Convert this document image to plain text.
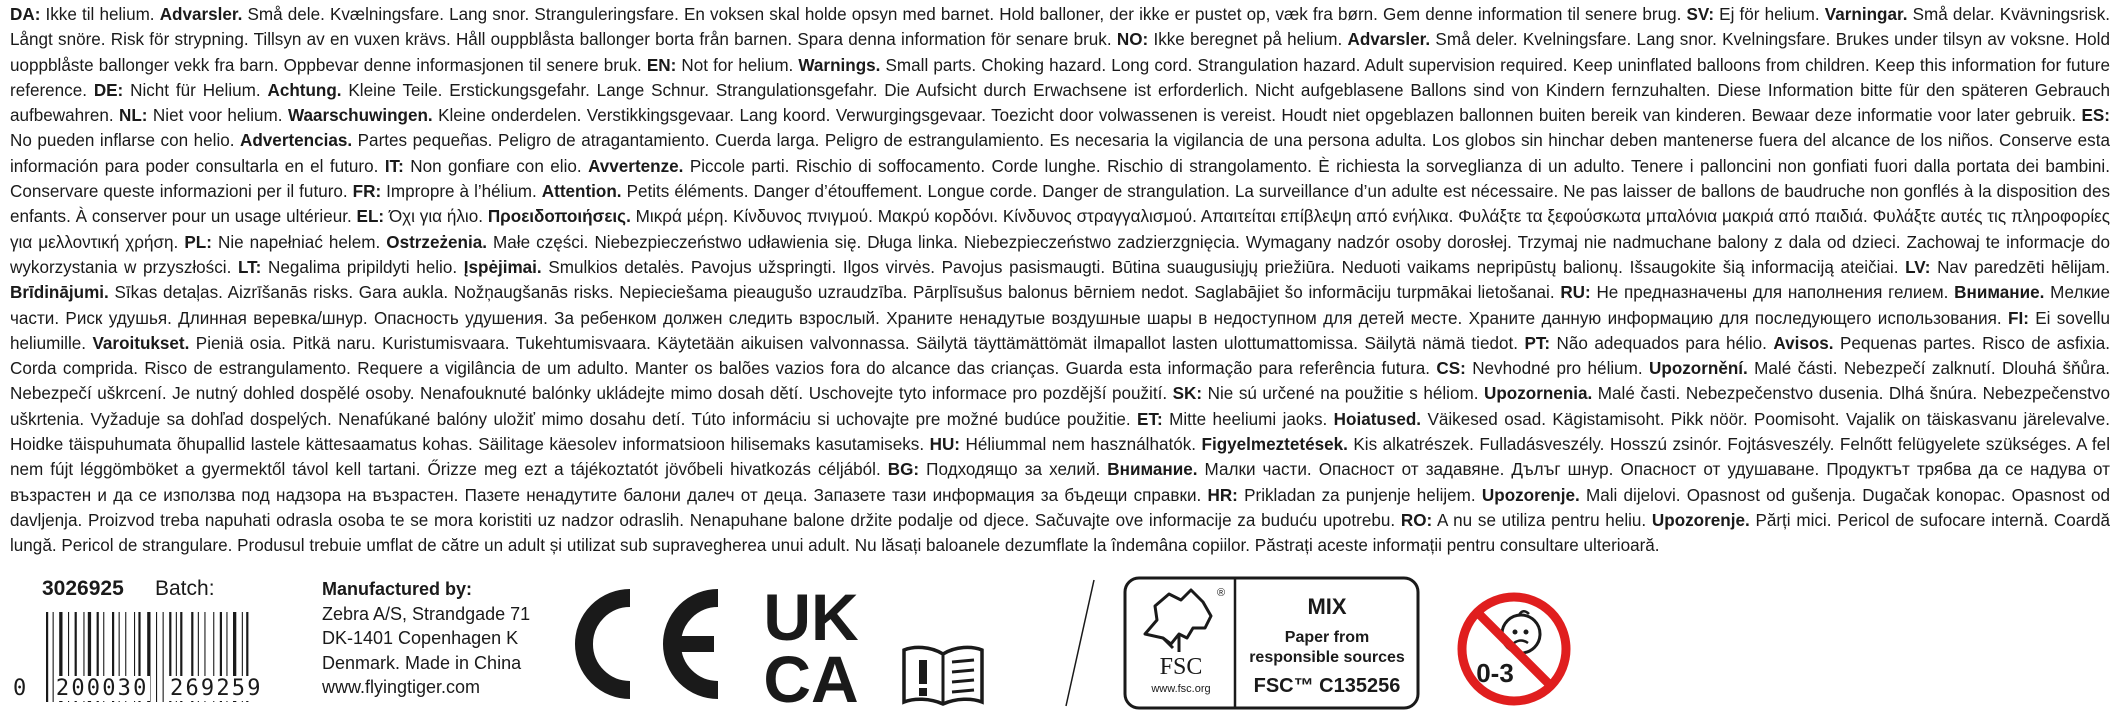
DA: Ikke til helium. Advarsler. Små dele. Kvælningsfare. Lang snor. Stranguleringsfare. En voksen skal holde opsyn med barnet. Hold balloner, der ikke er pustet op, væk fra børn. Gem denne information til senere brug. SV: Ej för helium. Varningar. Små delar. Kvävningsrisk. Långt snöre. Risk för strypning. Tillsyn av en vuxen krävs. Håll ouppblåsta ballonger borta från barnen. Spara denna information för senare bruk. NO: Ikke beregnet på helium. Advarsler. Små deler. Kvelningsfare. Lang snor. Kvelningsfare. Brukes under tilsyn av voksne. Hold uoppblåste ballonger vekk fra barn. Oppbevar denne informasjonen til senere bruk. EN: Not for helium. Warnings. Small parts. Choking hazard. Long cord. Strangulation hazard. Adult supervision required. Keep uninflated balloons from children. Keep this information for future reference. DE: Nicht für Helium. Achtung. Kleine Teile. Erstickungsgefahr. Lange Schnur. Strangulationsgefahr. Die Aufsicht durch Erwachsene ist erforderlich. Nicht aufgeblasene Ballons sind von Kindern fernzuhalten. Diese Information bitte für den späteren Gebrauch aufbewahren. NL: Niet voor helium. Waarschuwingen. Kleine onderdelen. Verstikkingsgevaar. Lang koord. Verwurgingsgevaar. Toezicht door volwassenen is vereist. Houdt niet opgeblazen ballonnen buiten bereik van kinderen. Bewaar deze informatie voor later gebruik. ES: No pueden inflarse con helio. Advertencias. Partes pequeñas. Peligro de atragantamiento. Cuerda larga. Peligro de estrangulamiento. Es necesaria la vigilancia de una persona adulta. Los globos sin hinchar deben mantenerse fuera del alcance de los niños. Conserve esta información para poder consultarla en el futuro. IT: Non gonfiare con elio. Avvertenze. Piccole parti. Rischio di soffocamento. Corde lunghe. Rischio di strangolamento. È richiesta la sorveglianza di un adulto. Tenere i palloncini non gonfiati fuori dalla portata dei bambini. Conservare queste informazioni per il futuro. FR: Impropre à l’hélium. Attention. Petits éléments. Danger d’étouffement. Longue corde. Danger de strangulation. La surveillance d’un adulte est nécessaire. Ne pas laisser de ballons de baudruche non gonflés à la disposition des enfants. À conserver pour un usage ultérieur. EL: Όχι για ήλιο. Προειδοποιήσεις. Μικρά μέρη. Κίνδυνος πνιγμού. Μακρύ κορδόνι. Κίνδυνος στραγγαλισμού. Απαιτείται επίβλεψη από ενήλικα. Φυλάξτε τα ξεφούσκωτα μπαλόνια μακριά από παιδιά. Φυλάξτε αυτές τις πληροφορίες για μελλοντική χρήση. PL: Nie napełniać helem. Ostrzeżenia. Małe części. Niebezpieczeństwo udławienia się. Długa linka. Niebezpieczeństwo zadzierzgnięcia. Wymagany nadzór osoby dorosłej. Trzymaj nie nadmuchane balony z dala od dzieci. Zachowaj te informacje do wykorzystania w przyszłości. LT: Negalima pripildyti helio. Įspėjimai. Smulkios detalės. Pavojus užspringti. Ilgos virvės. Pavojus pasismaugti. Būtina suaugusiųjų priežiūra. Neduoti vaikams nepripūstų balionų. Išsaugokite šią informaciją ateičiai. LV: Nav paredzēti hēlijam. Brīdinājumi. Sīkas detaļas. Aizrīšanās risks. Gara aukla. Nožņaugšanās risks. Nepieciešama pieaugušo uzraudzība. Pārplīsušus balonus bērniem nedot. Saglabājiet šo informāciju turpmākai lietošanai. RU: Не предназначены для наполнения гелием. Внимание. Мелкие части. Риск удушья. Длинная веревка/шнур. Опасность удушения. За ребенком должен следить взрослый. Храните ненадутые воздушные шары в недоступном для детей месте. Храните данную информацию для последующего использования. FI: Ei sovellu heliumille. Varoitukset. Pieniä osia. Pitkä naru. Kuristumisvaara. Tukehtumisvaara. Käytetään aikuisen valvonnassa. Säilytä täyttämättömät ilmapallot lasten ulottumattomissa. Säilytä nämä tiedot. PT: Não adequados para hélio. Avisos. Pequenas partes. Risco de asfixia. Corda comprida. Risco de estrangulamento. Requere a vigilância de um adulto. Manter os balões vazios fora do alcance das crianças. Guarda esta informação para referência futura. CS: Nevhodné pro hélium. Upozornění. Malé části. Nebezpečí zalknutí. Dlouhá šňůra. Nebezpečí uškrcení. Je nutný dohled dospělé osoby. Nenafouknuté balónky ukládejte mimo dosah dětí. Uschovejte tyto informace pro pozdější použití. SK: Nie sú určené na použitie s héliom. Upozornenia. Malé časti. Nebezpečenstvo dusenia. Dlhá šnúra. Nebezpečenstvo uškrtenia. Vyžaduje sa dohľad dospelých. Nenafúkané balóny uložiť mimo dosahu detí. Túto informáciu si uchovajte pre možné budúce použitie. ET: Mitte heeliumi jaoks. Hoiatused. Väikesed osad. Kägistamisoht. Pikk nöör. Poomisoht. Vajalik on täiskasvanu järelevalve. Hoidke täispuhumata õhupallid lastele kättesaamatus kohas. Säilitage käesolev informatsioon hilisemaks kasutamiseks. HU: Héliummal nem használhatók. Figyelmeztetések. Kis alkatrészek. Fulladásveszély. Hosszú zsinór. Fojtásveszély. Felnőtt felügyelete szükséges. A fel nem fújt léggömböket a gyermektől távol kell tartani. Őrizze meg ezt a tájékoztatót jövőbeli hivatkozás céljából. BG: Подходящо за хелий. Внимание. Малки части. Опасност от задавяне. Дълъг шнур. Опасност от удушаване. Продуктът трябва да се надува от възрастен и да се използва под надзора на възрастен. Пазете ненадутите балони далеч от деца. Запазете тази информация за бъдещи справки. HR: Prikladan za punjenje helijem. Upozorenje. Mali dijelovi. Opasnost od gušenja. Dugačak konopac. Opasnost od davljenja. Proizvod treba napuhati odrasla osoba te se mora koristiti uz nadzor odraslih. Nenapuhane balone držite podalje od djece. Sačuvajte ove informacije za buduću upotrebu. RO: A nu se utiliza pentru heliu. Upozorenje. Părți mici. Pericol de sufocare internă. Coardă lungă. Pericol de strangulare. Produsul trebuie umflat de către un adult și utilizat sub supravegherea unui adult. Nu lăsați baloanele dezumflate la îndemâna copiilor. Păstrați aceste informații pentru consultare ulterioară.
3026925 Batch:
0 200030 269259
Manufactured by:
Zebra A/S, Strandgade 71
DK-1401 Copenhagen K
Denmark. Made in China
www.flyingtiger.com
UK
CA	FSC
www.fsc.org
®
MIX
Paper from
responsible sources
FSC™ C135256	0-3
